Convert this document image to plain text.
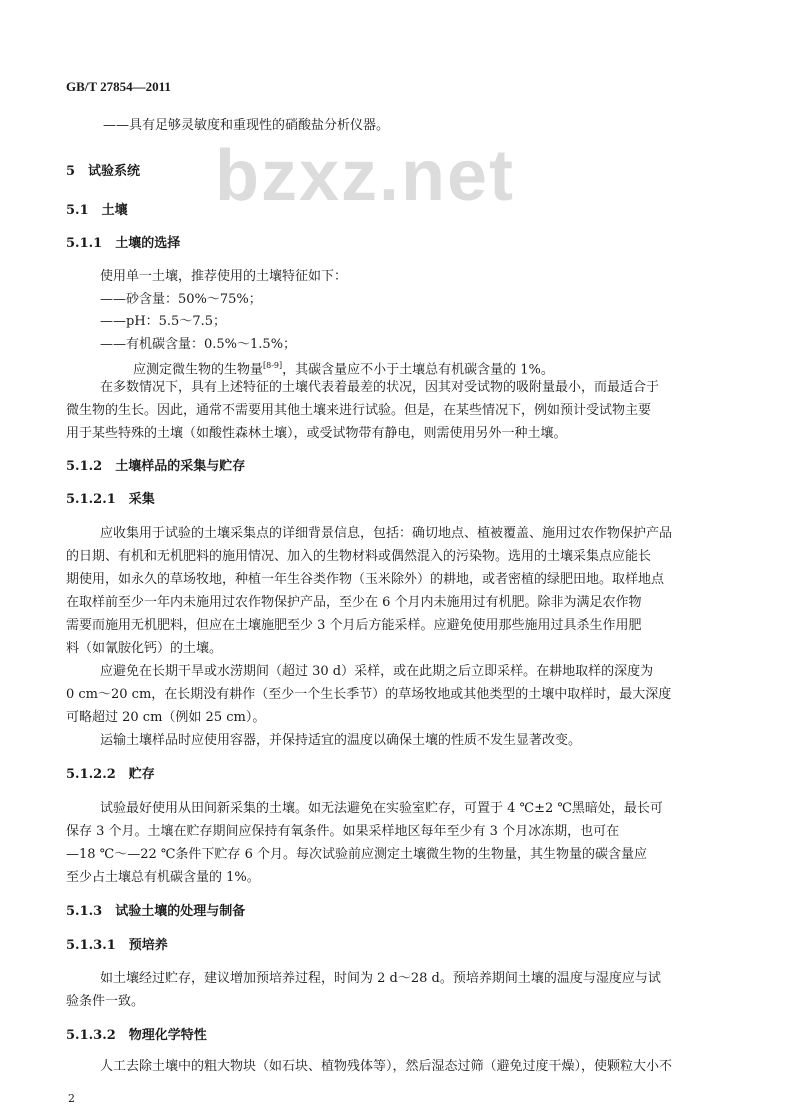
bzxz.net
GB/T 27854—2011
——具有足够灵敏度和重现性的硝酸盐分析仪器。
5　试验系统
5.1　土壤
5.1.1　土壤的选择
使用单一土壤，推荐使用的土壤特征如下：
——砂含量：50%～75%；
——pH：5.5～7.5；
——有机碳含量：0.5%～1.5%；
应测定微生物的生物量[8-9]，其碳含量应不小于土壤总有机碳含量的 1%。
在多数情况下，具有上述特征的土壤代表着最差的状况，因其对受试物的吸附量最小，而最适合于
微生物的生长。因此，通常不需要用其他土壤来进行试验。但是，在某些情况下，例如预计受试物主要
用于某些特殊的土壤（如酸性森林土壤），或受试物带有静电，则需使用另外一种土壤。
5.1.2　土壤样品的采集与贮存
5.1.2.1　采集
应收集用于试验的土壤采集点的详细背景信息，包括：确切地点、植被覆盖、施用过农作物保护产品
的日期、有机和无机肥料的施用情况、加入的生物材料或偶然混入的污染物。选用的土壤采集点应能长
期使用，如永久的草场牧地，种植一年生谷类作物（玉米除外）的耕地，或者密植的绿肥田地。取样地点
在取样前至少一年内未施用过农作物保护产品，至少在 6 个月内未施用过有机肥。除非为满足农作物
需要而施用无机肥料，但应在土壤施肥至少 3 个月后方能采样。应避免使用那些施用过具杀生作用肥
料（如氰胺化钙）的土壤。
应避免在长期干旱或水涝期间（超过 30 d）采样，或在此期之后立即采样。在耕地取样的深度为
0 cm～20 cm，在长期没有耕作（至少一个生长季节）的草场牧地或其他类型的土壤中取样时，最大深度
可略超过 20 cm（例如 25 cm）。
运输土壤样品时应使用容器，并保持适宜的温度以确保土壤的性质不发生显著改变。
5.1.2.2　贮存
试验最好使用从田间新采集的土壤。如无法避免在实验室贮存，可置于 4 ℃±2 ℃黑暗处，最长可
保存 3 个月。土壤在贮存期间应保持有氧条件。如果采样地区每年至少有 3 个月冰冻期，也可在
—18 ℃～—22 ℃条件下贮存 6 个月。每次试验前应测定土壤微生物的生物量，其生物量的碳含量应
至少占土壤总有机碳含量的 1%。
5.1.3　试验土壤的处理与制备
5.1.3.1　预培养
如土壤经过贮存，建议增加预培养过程，时间为 2 d～28 d。预培养期间土壤的温度与湿度应与试
验条件一致。
5.1.3.2　物理化学特性
人工去除土壤中的粗大物块（如石块、植物残体等），然后湿态过筛（避免过度干燥），使颗粒大小不
2
